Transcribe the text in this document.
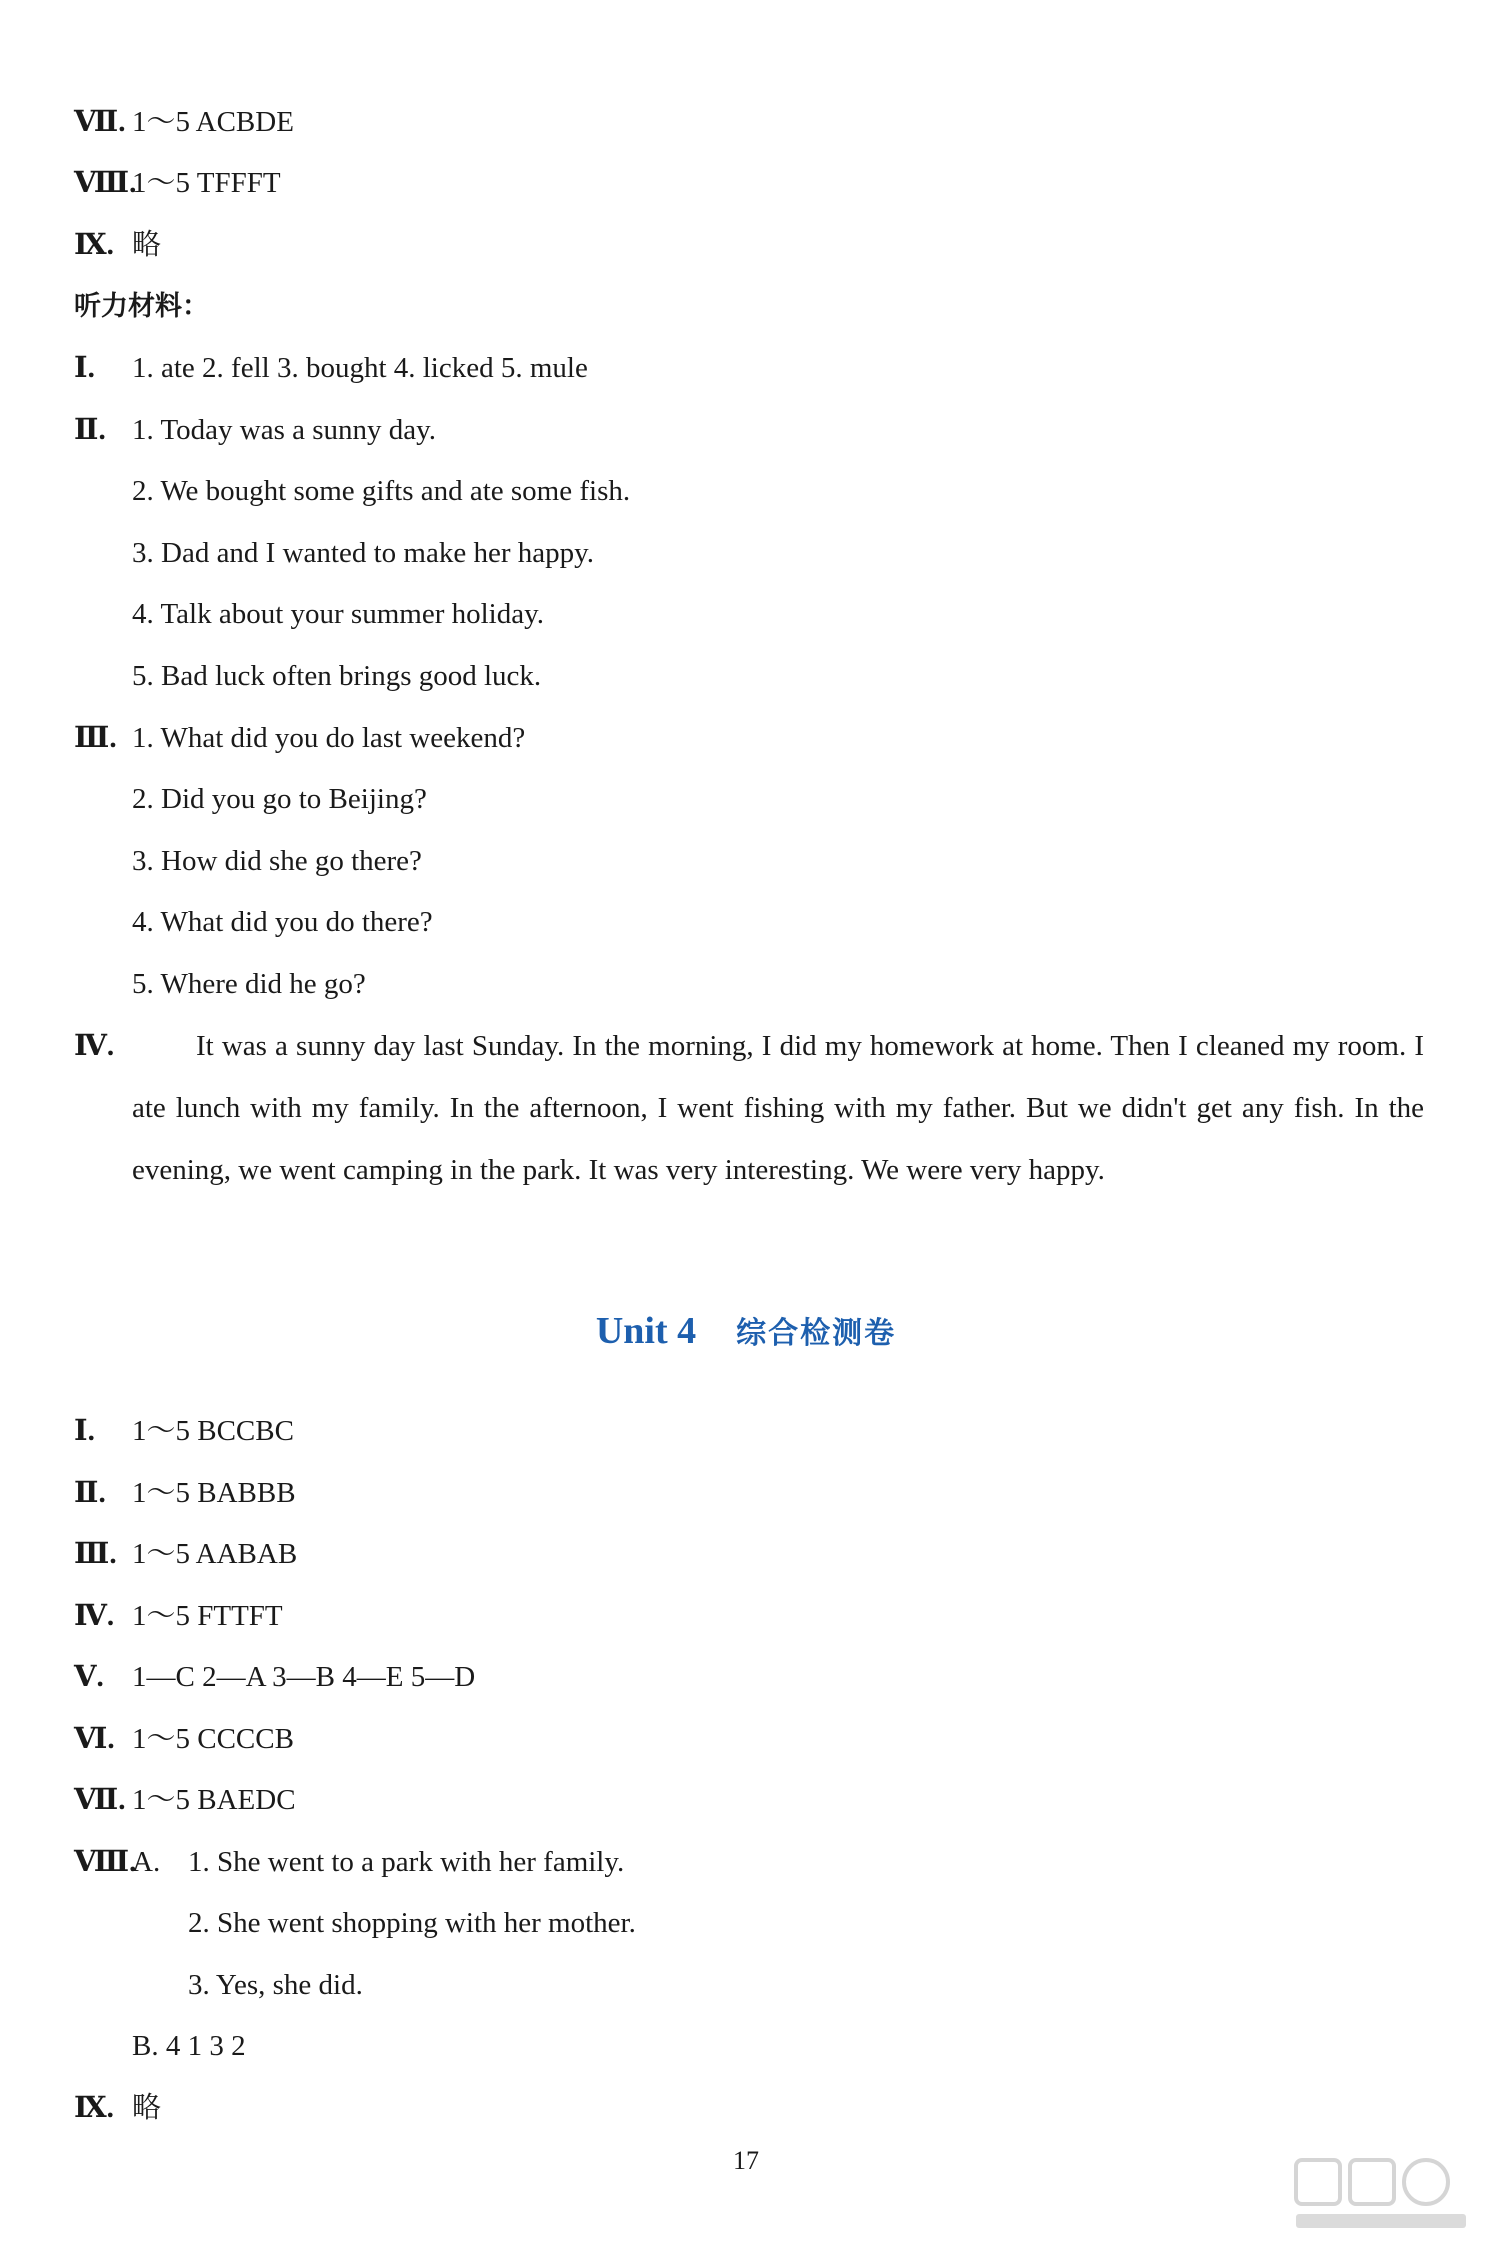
Ⅶ. 1～5 ACBDE
Ⅷ.
1～5 TFFFT
Ⅸ. 略
听力材料：
Ⅰ. 1. ate 2. fell 3. bought 4. licked 5. mule
Ⅱ. 1. Today was a sunny day.
2. We bought some gifts and ate some fish.
3. Dad and I wanted to make her happy.
4. Talk about your summer holiday.
5. Bad luck often brings good luck.
Ⅲ. 1. What did you do last weekend?
2. Did you go to Beijing?
3. How did she go there?
4. What did you do there?
5. Where did he go?
Ⅳ.	It was a sunny day last Sunday. In the morning, I did my homework at home. Then I cleaned my room. I ate lunch with my family. In the afternoon, I went fishing with my father. But we didn't get any fish. In the evening, we went camping in the park. It was very interesting. We were very happy.
Unit 4 综合检测卷
Ⅰ. 1～5 BCCBC
Ⅱ. 1～5 BABBB
Ⅲ. 1～5 AABAB
Ⅳ. 1～5 FTTFT
Ⅴ. 1—C 2—A 3—B 4—E 5—D
Ⅵ. 1～5 CCCCB
Ⅶ. 1～5 BAEDC
Ⅷ.
A. 1. She went to a park with her family.
2. She went shopping with her mother.
3. Yes, she did.
B. 4 1 3 2
Ⅸ. 略
17
